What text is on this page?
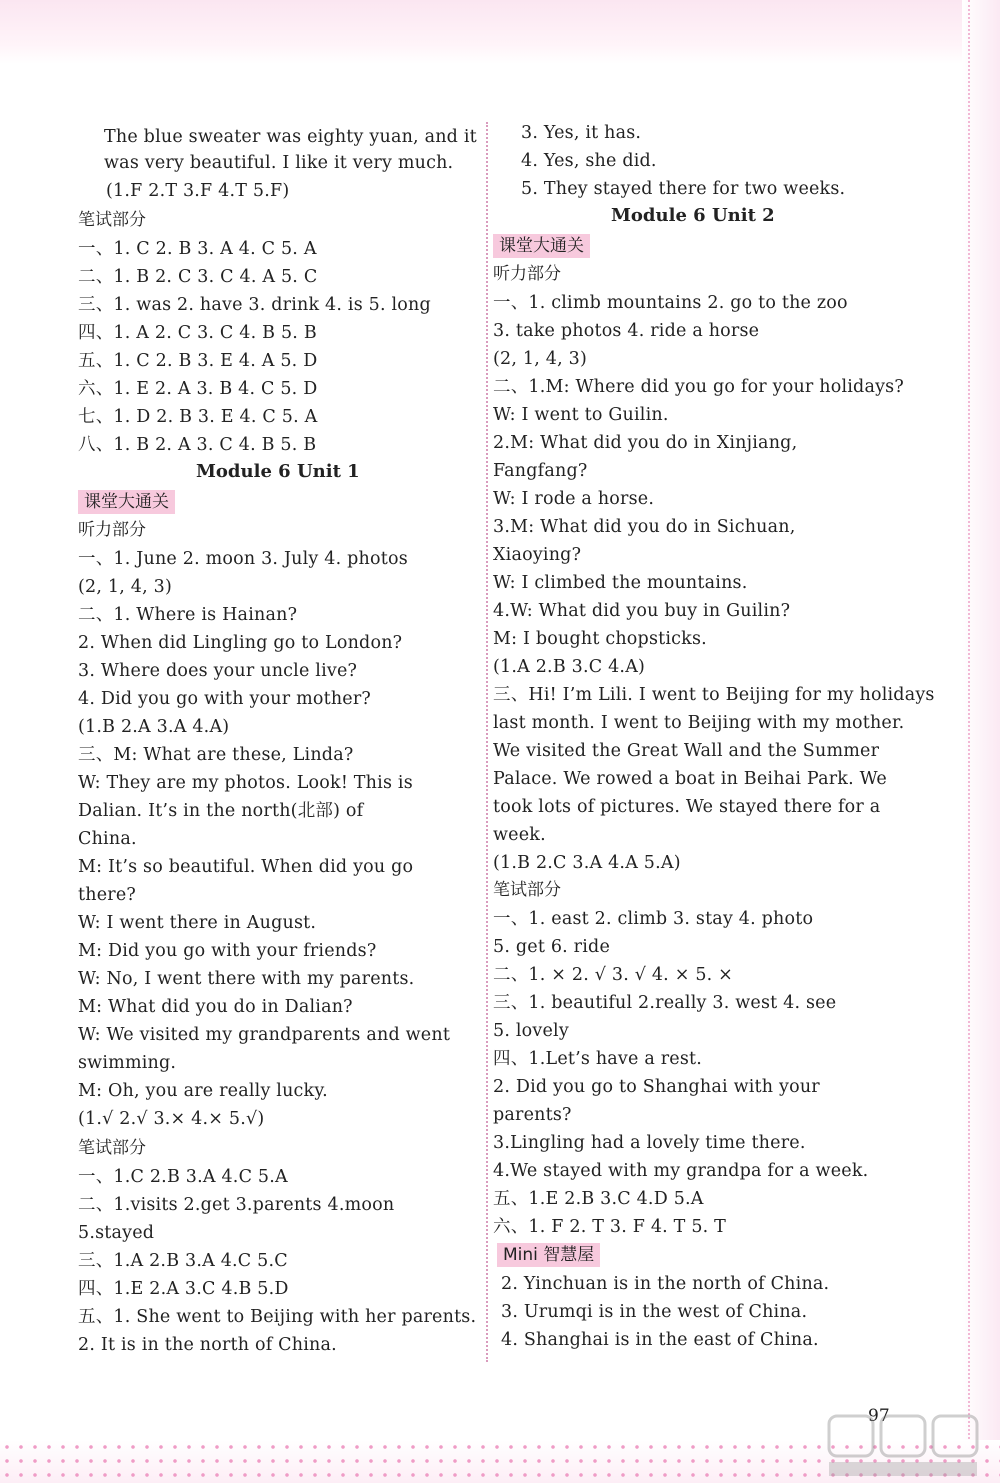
The blue sweater was eighty yuan, and it
was very beautiful. I like it very much.
(1.F 2.T 3.F 4.T 5.F)
笔试部分
一、1. C 2. B 3. A 4. C 5. A
二、1. B 2. C 3. C 4. A 5. C
三、1. was 2. have 3. drink 4. is 5. long
四、1. A 2. C 3. C 4. B 5. B
五、1. C 2. B 3. E 4. A 5. D
六、1. E 2. A 3. B 4. C 5. D
七、1. D 2. B 3. E 4. C 5. A
八、1. B 2. A 3. C 4. B 5. B
Module 6 Unit 1
课堂大通关
听力部分
一、1. June 2. moon 3. July 4. photos
(2, 1, 4, 3)
二、1. Where is Hainan?
2. When did Lingling go to London?
3. Where does your uncle live?
4. Did you go with your mother?
(1.B 2.A 3.A 4.A)
三、M: What are these, Linda?
W: They are my photos. Look! This is
Dalian. It’s in the north(北部) of
China.
M: It’s so beautiful. When did you go
there?
W: I went there in August.
M: Did you go with your friends?
W: No, I went there with my parents.
M: What did you do in Dalian?
W: We visited my grandparents and went
swimming.
M: Oh, you are really lucky.
(1.√ 2.√ 3.× 4.× 5.√)
笔试部分
一、1.C 2.B 3.A 4.C 5.A
二、1.visits 2.get 3.parents 4.moon
5.stayed
三、1.A 2.B 3.A 4.C 5.C
四、1.E 2.A 3.C 4.B 5.D
五、1. She went to Beijing with her parents.
2. It is in the north of China.
3. Yes, it has.
4. Yes, she did.
5. They stayed there for two weeks.
Module 6 Unit 2
课堂大通关
听力部分
一、1. climb mountains 2. go to the zoo
3. take photos 4. ride a horse
(2, 1, 4, 3)
二、1.M: Where did you go for your holidays?
W: I went to Guilin.
2.M: What did you do in Xinjiang,
Fangfang?
W: I rode a horse.
3.M: What did you do in Sichuan,
Xiaoying?
W: I climbed the mountains.
4.W: What did you buy in Guilin?
M: I bought chopsticks.
(1.A 2.B 3.C 4.A)
三、Hi! I’m Lili. I went to Beijing for my holidays
last month. I went to Beijing with my mother.
We visited the Great Wall and the Summer
Palace. We rowed a boat in Beihai Park. We
took lots of pictures. We stayed there for a
week.
(1.B 2.C 3.A 4.A 5.A)
笔试部分
一、1. east 2. climb 3. stay 4. photo
5. get 6. ride
二、1. × 2. √ 3. √ 4. × 5. ×
三、1. beautiful 2.really 3. west 4. see
5. lovely
四、1.Let’s have a rest.
2. Did you go to Shanghai with your
parents?
3.Lingling had a lovely time there.
4.We stayed with my grandpa for a week.
五、1.E 2.B 3.C 4.D 5.A
六、1. F 2. T 3. F 4. T 5. T
Mini 智慧屋
2. Yinchuan is in the north of China.
3. Urumqi is in the west of China.
4. Shanghai is in the east of China.
97
